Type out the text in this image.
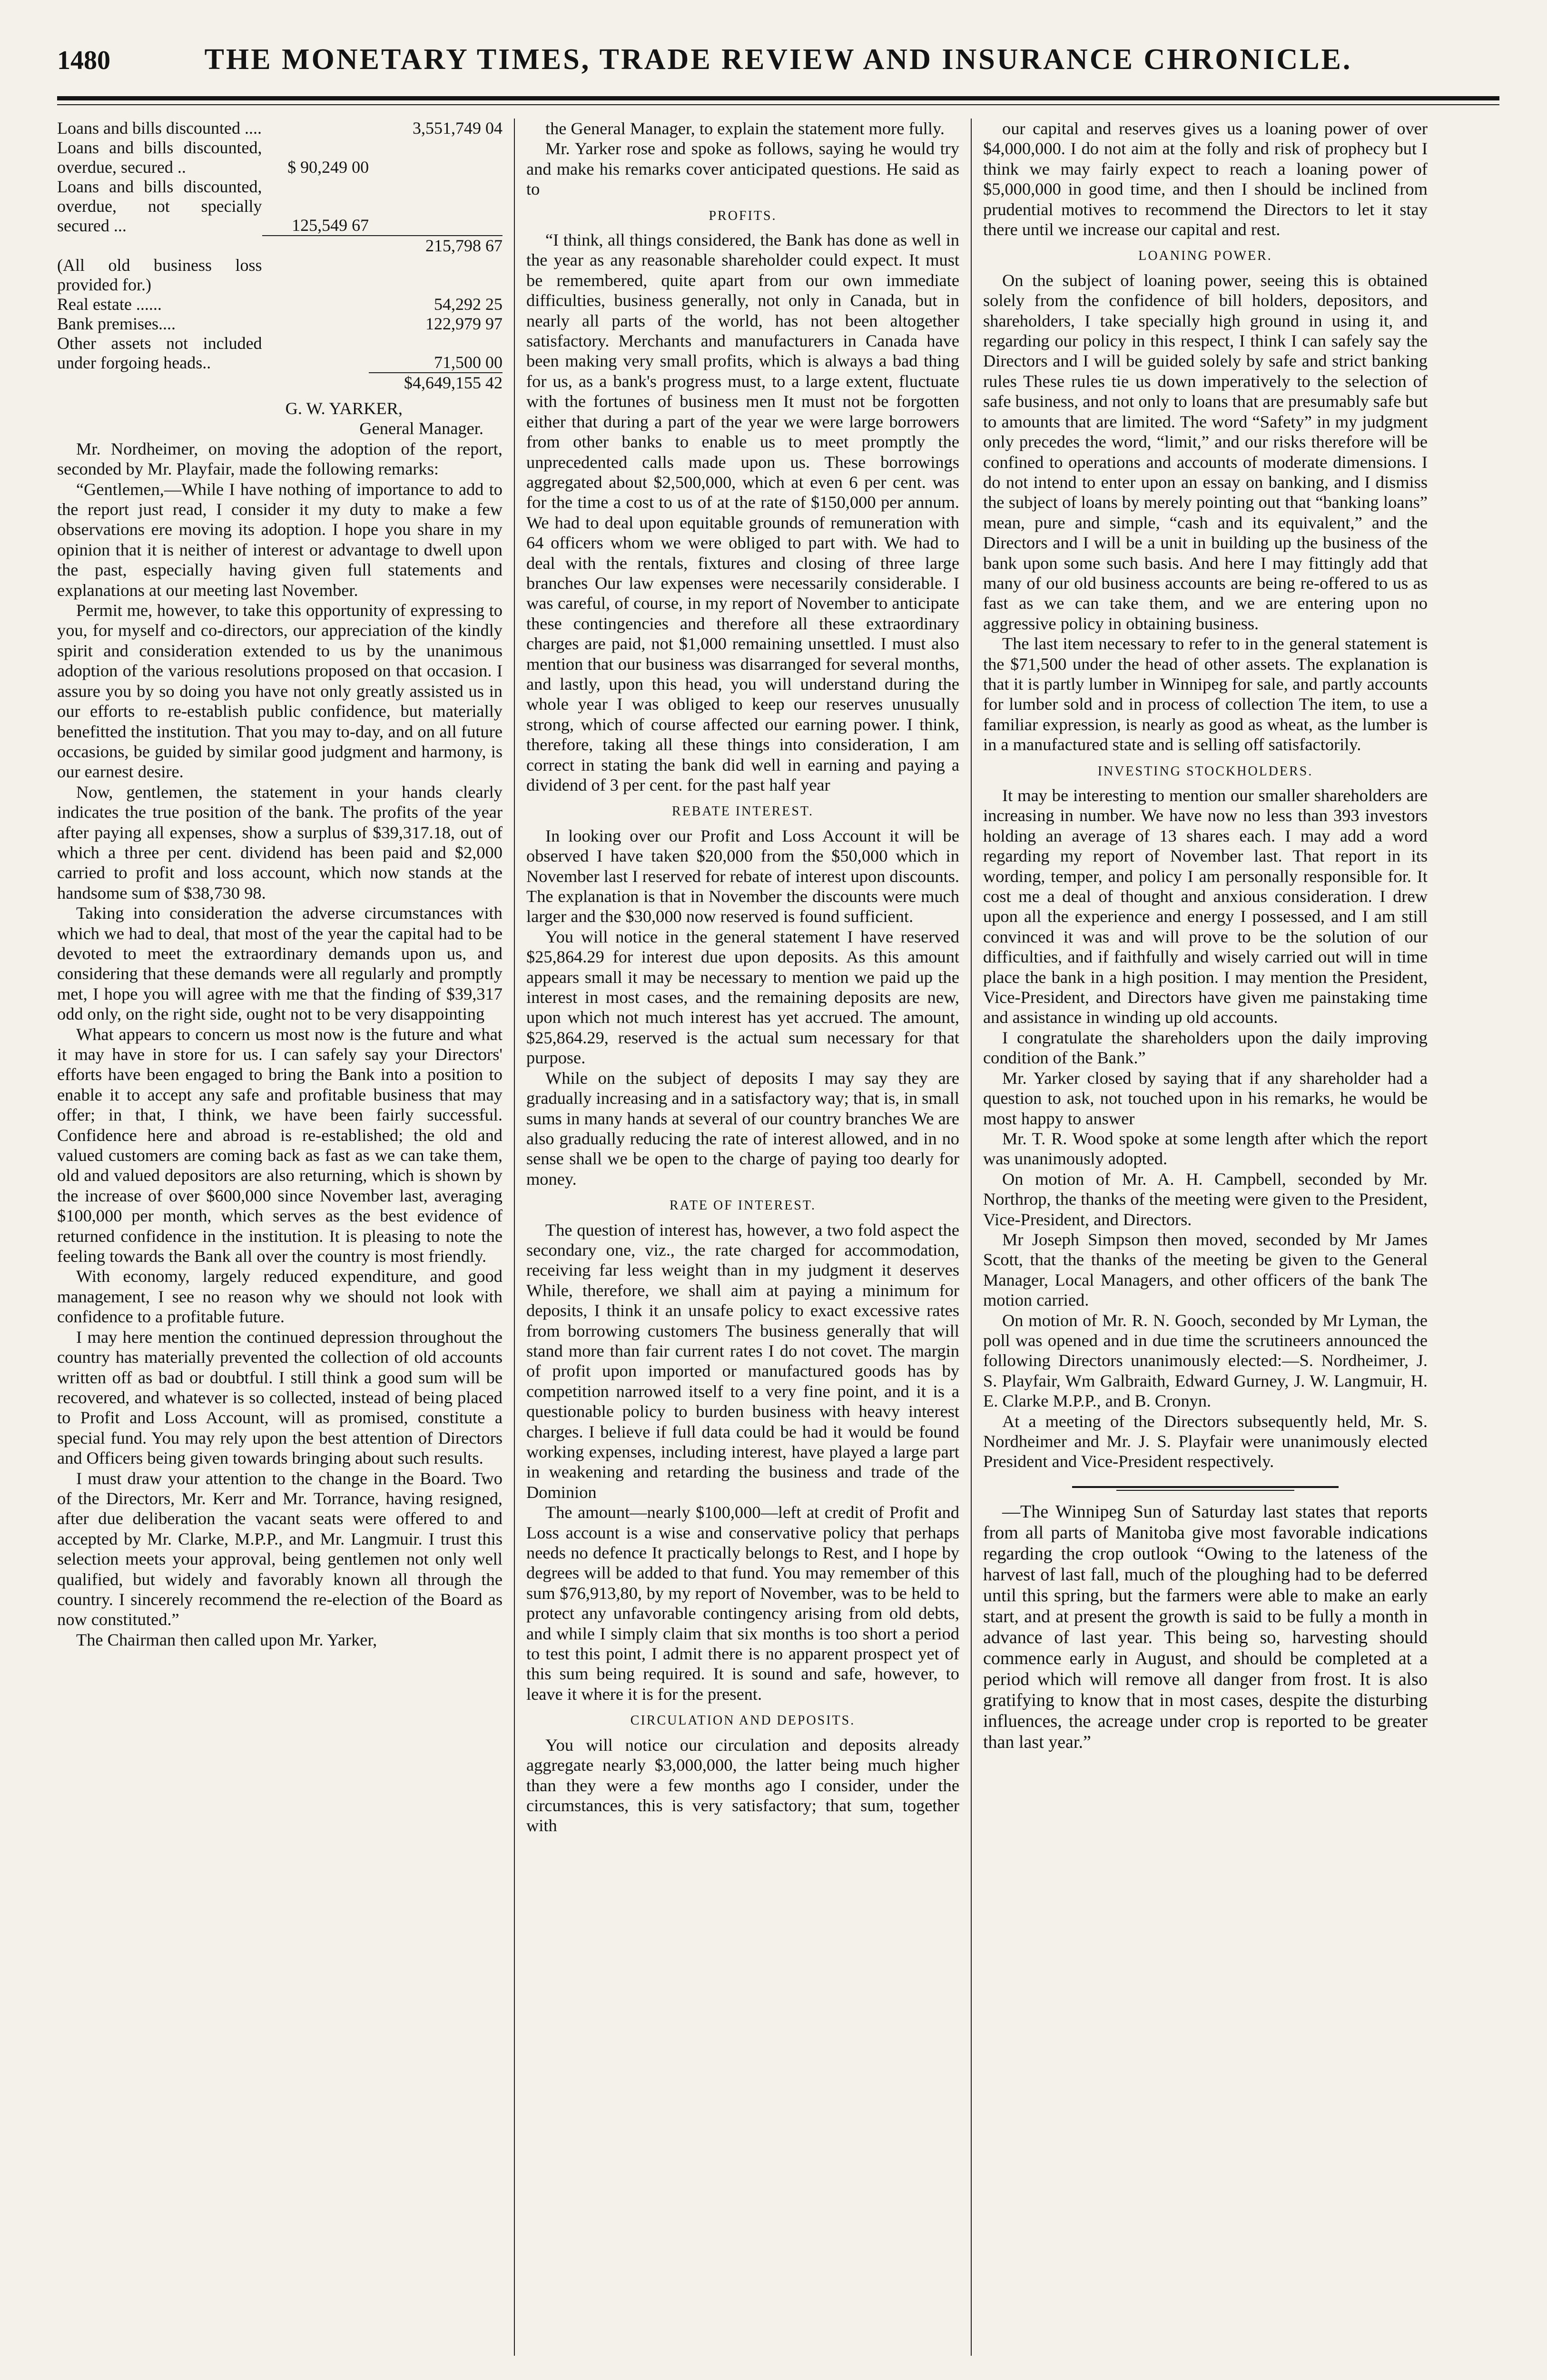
1480	THE MONETARY TIMES, TRADE REVIEW AND INSURANCE CHRONICLE.
Loans and bills discounted ....		3,551,749 04
Loans and bills discounted, overdue, secured ..	$ 90,249 00	
Loans and bills discounted, overdue, not specially secured ...	125,549 67	
		215,798 67
(All old business loss provided for.)		
Real estate ......		54,292 25
Bank premises....		122,979 97
Other assets not included under forgoing heads..		71,500 00
		$4,649,155 42
G. W. YARKER,
General Manager.

Mr. Nordheimer, on moving the adoption of the report, seconded by Mr. Playfair, made the following remarks:

“Gentlemen,—While I have nothing of importance to add to the report just read, I consider it my duty to make a few observations ere moving its adoption. I hope you share in my opinion that it is neither of interest or advantage to dwell upon the past, especially having given full statements and explanations at our meeting last November.

Permit me, however, to take this opportunity of expressing to you, for myself and co-directors, our appreciation of the kindly spirit and consideration extended to us by the unanimous adoption of the various resolutions proposed on that occasion. I assure you by so doing you have not only greatly assisted us in our efforts to re-establish public confidence, but materially benefitted the institution. That you may to-day, and on all future occasions, be guided by similar good judgment and harmony, is our earnest desire.

Now, gentlemen, the statement in your hands clearly indicates the true position of the bank. The profits of the year after paying all expenses, show a surplus of $39,317.18, out of which a three per cent. dividend has been paid and $2,000 carried to profit and loss account, which now stands at the handsome sum of $38,730 98.

Taking into consideration the adverse circumstances with which we had to deal, that most of the year the capital had to be devoted to meet the extraordinary demands upon us, and considering that these demands were all regularly and promptly met, I hope you will agree with me that the finding of $39,317 odd only, on the right side, ought not to be very disappointing

What appears to concern us most now is the future and what it may have in store for us. I can safely say your Directors' efforts have been engaged to bring the Bank into a position to enable it to accept any safe and profitable business that may offer; in that, I think, we have been fairly successful. Confidence here and abroad is re-established; the old and valued customers are coming back as fast as we can take them, old and valued depositors are also returning, which is shown by the increase of over $600,000 since November last, averaging $100,000 per month, which serves as the best evidence of returned confidence in the institution. It is pleasing to note the feeling towards the Bank all over the country is most friendly.

With economy, largely reduced expenditure, and good management, I see no reason why we should not look with confidence to a profitable future.

I may here mention the continued depression throughout the country has materially prevented the collection of old accounts written off as bad or doubtful. I still think a good sum will be recovered, and whatever is so collected, instead of being placed to Profit and Loss Account, will as promised, constitute a special fund. You may rely upon the best attention of Directors and Officers being given towards bringing about such results.

I must draw your attention to the change in the Board. Two of the Directors, Mr. Kerr and Mr. Torrance, having resigned, after due deliberation the vacant seats were offered to and accepted by Mr. Clarke, M.P.P., and Mr. Langmuir. I trust this selection meets your approval, being gentlemen not only well qualified, but widely and favorably known all through the country. I sincerely recommend the re-election of the Board as now constituted.”

The Chairman then called upon Mr. Yarker,

the General Manager, to explain the statement more fully.

Mr. Yarker rose and spoke as follows, saying he would try and make his remarks cover anticipated questions. He said as to

PROFITS.

“I think, all things considered, the Bank has done as well in the year as any reasonable shareholder could expect. It must be remembered, quite apart from our own immediate difficulties, business generally, not only in Canada, but in nearly all parts of the world, has not been altogether satisfactory. Merchants and manufacturers in Canada have been making very small profits, which is always a bad thing for us, as a bank's progress must, to a large extent, fluctuate with the fortunes of business men It must not be forgotten either that during a part of the year we were large borrowers from other banks to enable us to meet promptly the unprecedented calls made upon us. These borrowings aggregated about $2,500,000, which at even 6 per cent. was for the time a cost to us of at the rate of $150,000 per annum. We had to deal upon equitable grounds of remuneration with 64 officers whom we were obliged to part with. We had to deal with the rentals, fixtures and closing of three large branches Our law expenses were necessarily considerable. I was careful, of course, in my report of November to anticipate these contingencies and therefore all these extraordinary charges are paid, not $1,000 remaining unsettled. I must also mention that our business was disarranged for several months, and lastly, upon this head, you will understand during the whole year I was obliged to keep our reserves unusually strong, which of course affected our earning power. I think, therefore, taking all these things into consideration, I am correct in stating the bank did well in earning and paying a dividend of 3 per cent. for the past half year

REBATE INTEREST.

In looking over our Profit and Loss Account it will be observed I have taken $20,000 from the $50,000 which in November last I reserved for rebate of interest upon discounts. The explanation is that in November the discounts were much larger and the $30,000 now reserved is found sufficient.

You will notice in the general statement I have reserved $25,864.29 for interest due upon deposits. As this amount appears small it may be necessary to mention we paid up the interest in most cases, and the remaining deposits are new, upon which not much interest has yet accrued. The amount, $25,864.29, reserved is the actual sum necessary for that purpose.

While on the subject of deposits I may say they are gradually increasing and in a satisfactory way; that is, in small sums in many hands at several of our country branches We are also gradually reducing the rate of interest allowed, and in no sense shall we be open to the charge of paying too dearly for money.

RATE OF INTEREST.

The question of interest has, however, a two fold aspect the secondary one, viz., the rate charged for accommodation, receiving far less weight than in my judgment it deserves While, therefore, we shall aim at paying a minimum for deposits, I think it an unsafe policy to exact excessive rates from borrowing customers The business generally that will stand more than fair current rates I do not covet. The margin of profit upon imported or manufactured goods has by competition narrowed itself to a very fine point, and it is a questionable policy to burden business with heavy interest charges. I believe if full data could be had it would be found working expenses, including interest, have played a large part in weakening and retarding the business and trade of the Dominion

The amount—nearly $100,000—left at credit of Profit and Loss account is a wise and conservative policy that perhaps needs no defence It practically belongs to Rest, and I hope by degrees will be added to that fund. You may remember of this sum $76,913,80, by my report of November, was to be held to protect any unfavorable contingency arising from old debts, and while I simply claim that six months is too short a period to test this point, I admit there is no apparent prospect yet of this sum being required. It is sound and safe, however, to leave it where it is for the present.

CIRCULATION AND DEPOSITS.

You will notice our circulation and deposits already aggregate nearly $3,000,000, the latter being much higher than they were a few months ago I consider, under the circumstances, this is very satisfactory; that sum, together with

our capital and reserves gives us a loaning power of over $4,000,000. I do not aim at the folly and risk of prophecy but I think we may fairly expect to reach a loaning power of $5,000,000 in good time, and then I should be inclined from prudential motives to recommend the Directors to let it stay there until we increase our capital and rest.

LOANING POWER.

On the subject of loaning power, seeing this is obtained solely from the confidence of bill holders, depositors, and shareholders, I take specially high ground in using it, and regarding our policy in this respect, I think I can safely say the Directors and I will be guided solely by safe and strict banking rules These rules tie us down imperatively to the selection of safe business, and not only to loans that are presumably safe but to amounts that are limited. The word “Safety” in my judgment only precedes the word, “limit,” and our risks therefore will be confined to operations and accounts of moderate dimensions. I do not intend to enter upon an essay on banking, and I dismiss the subject of loans by merely pointing out that “banking loans” mean, pure and simple, “cash and its equivalent,” and the Directors and I will be a unit in building up the business of the bank upon some such basis. And here I may fittingly add that many of our old business accounts are being re-offered to us as fast as we can take them, and we are entering upon no aggressive policy in obtaining business.

The last item necessary to refer to in the general statement is the $71,500 under the head of other assets. The explanation is that it is partly lumber in Winnipeg for sale, and partly accounts for lumber sold and in process of collection The item, to use a familiar expression, is nearly as good as wheat, as the lumber is in a manufactured state and is selling off satisfactorily.

INVESTING STOCKHOLDERS.

It may be interesting to mention our smaller shareholders are increasing in number. We have now no less than 393 investors holding an average of 13 shares each. I may add a word regarding my report of November last. That report in its wording, temper, and policy I am personally responsible for. It cost me a deal of thought and anxious consideration. I drew upon all the experience and energy I possessed, and I am still convinced it was and will prove to be the solution of our difficulties, and if faithfully and wisely carried out will in time place the bank in a high position. I may mention the President, Vice-President, and Directors have given me painstaking time and assistance in winding up old accounts.

I congratulate the shareholders upon the daily improving condition of the Bank.”

Mr. Yarker closed by saying that if any shareholder had a question to ask, not touched upon in his remarks, he would be most happy to answer

Mr. T. R. Wood spoke at some length after which the report was unanimously adopted.

On motion of Mr. A. H. Campbell, seconded by Mr. Northrop, the thanks of the meeting were given to the President, Vice-President, and Directors.

Mr Joseph Simpson then moved, seconded by Mr James Scott, that the thanks of the meeting be given to the General Manager, Local Managers, and other officers of the bank The motion carried.

On motion of Mr. R. N. Gooch, seconded by Mr Lyman, the poll was opened and in due time the scrutineers announced the following Directors unanimously elected:—S. Nordheimer, J. S. Playfair, Wm Galbraith, Edward Gurney, J. W. Langmuir, H. E. Clarke M.P.P., and B. Cronyn.

At a meeting of the Directors subsequently held, Mr. S. Nordheimer and Mr. J. S. Playfair were unanimously elected President and Vice-President respectively.

—The Winnipeg Sun of Saturday last states that reports from all parts of Manitoba give most favorable indications regarding the crop outlook “Owing to the lateness of the harvest of last fall, much of the ploughing had to be deferred until this spring, but the farmers were able to make an early start, and at present the growth is said to be fully a month in advance of last year. This being so, harvesting should commence early in August, and should be completed at a period which will remove all danger from frost. It is also gratifying to know that in most cases, despite the disturbing influences, the acreage under crop is reported to be greater than last year.”
